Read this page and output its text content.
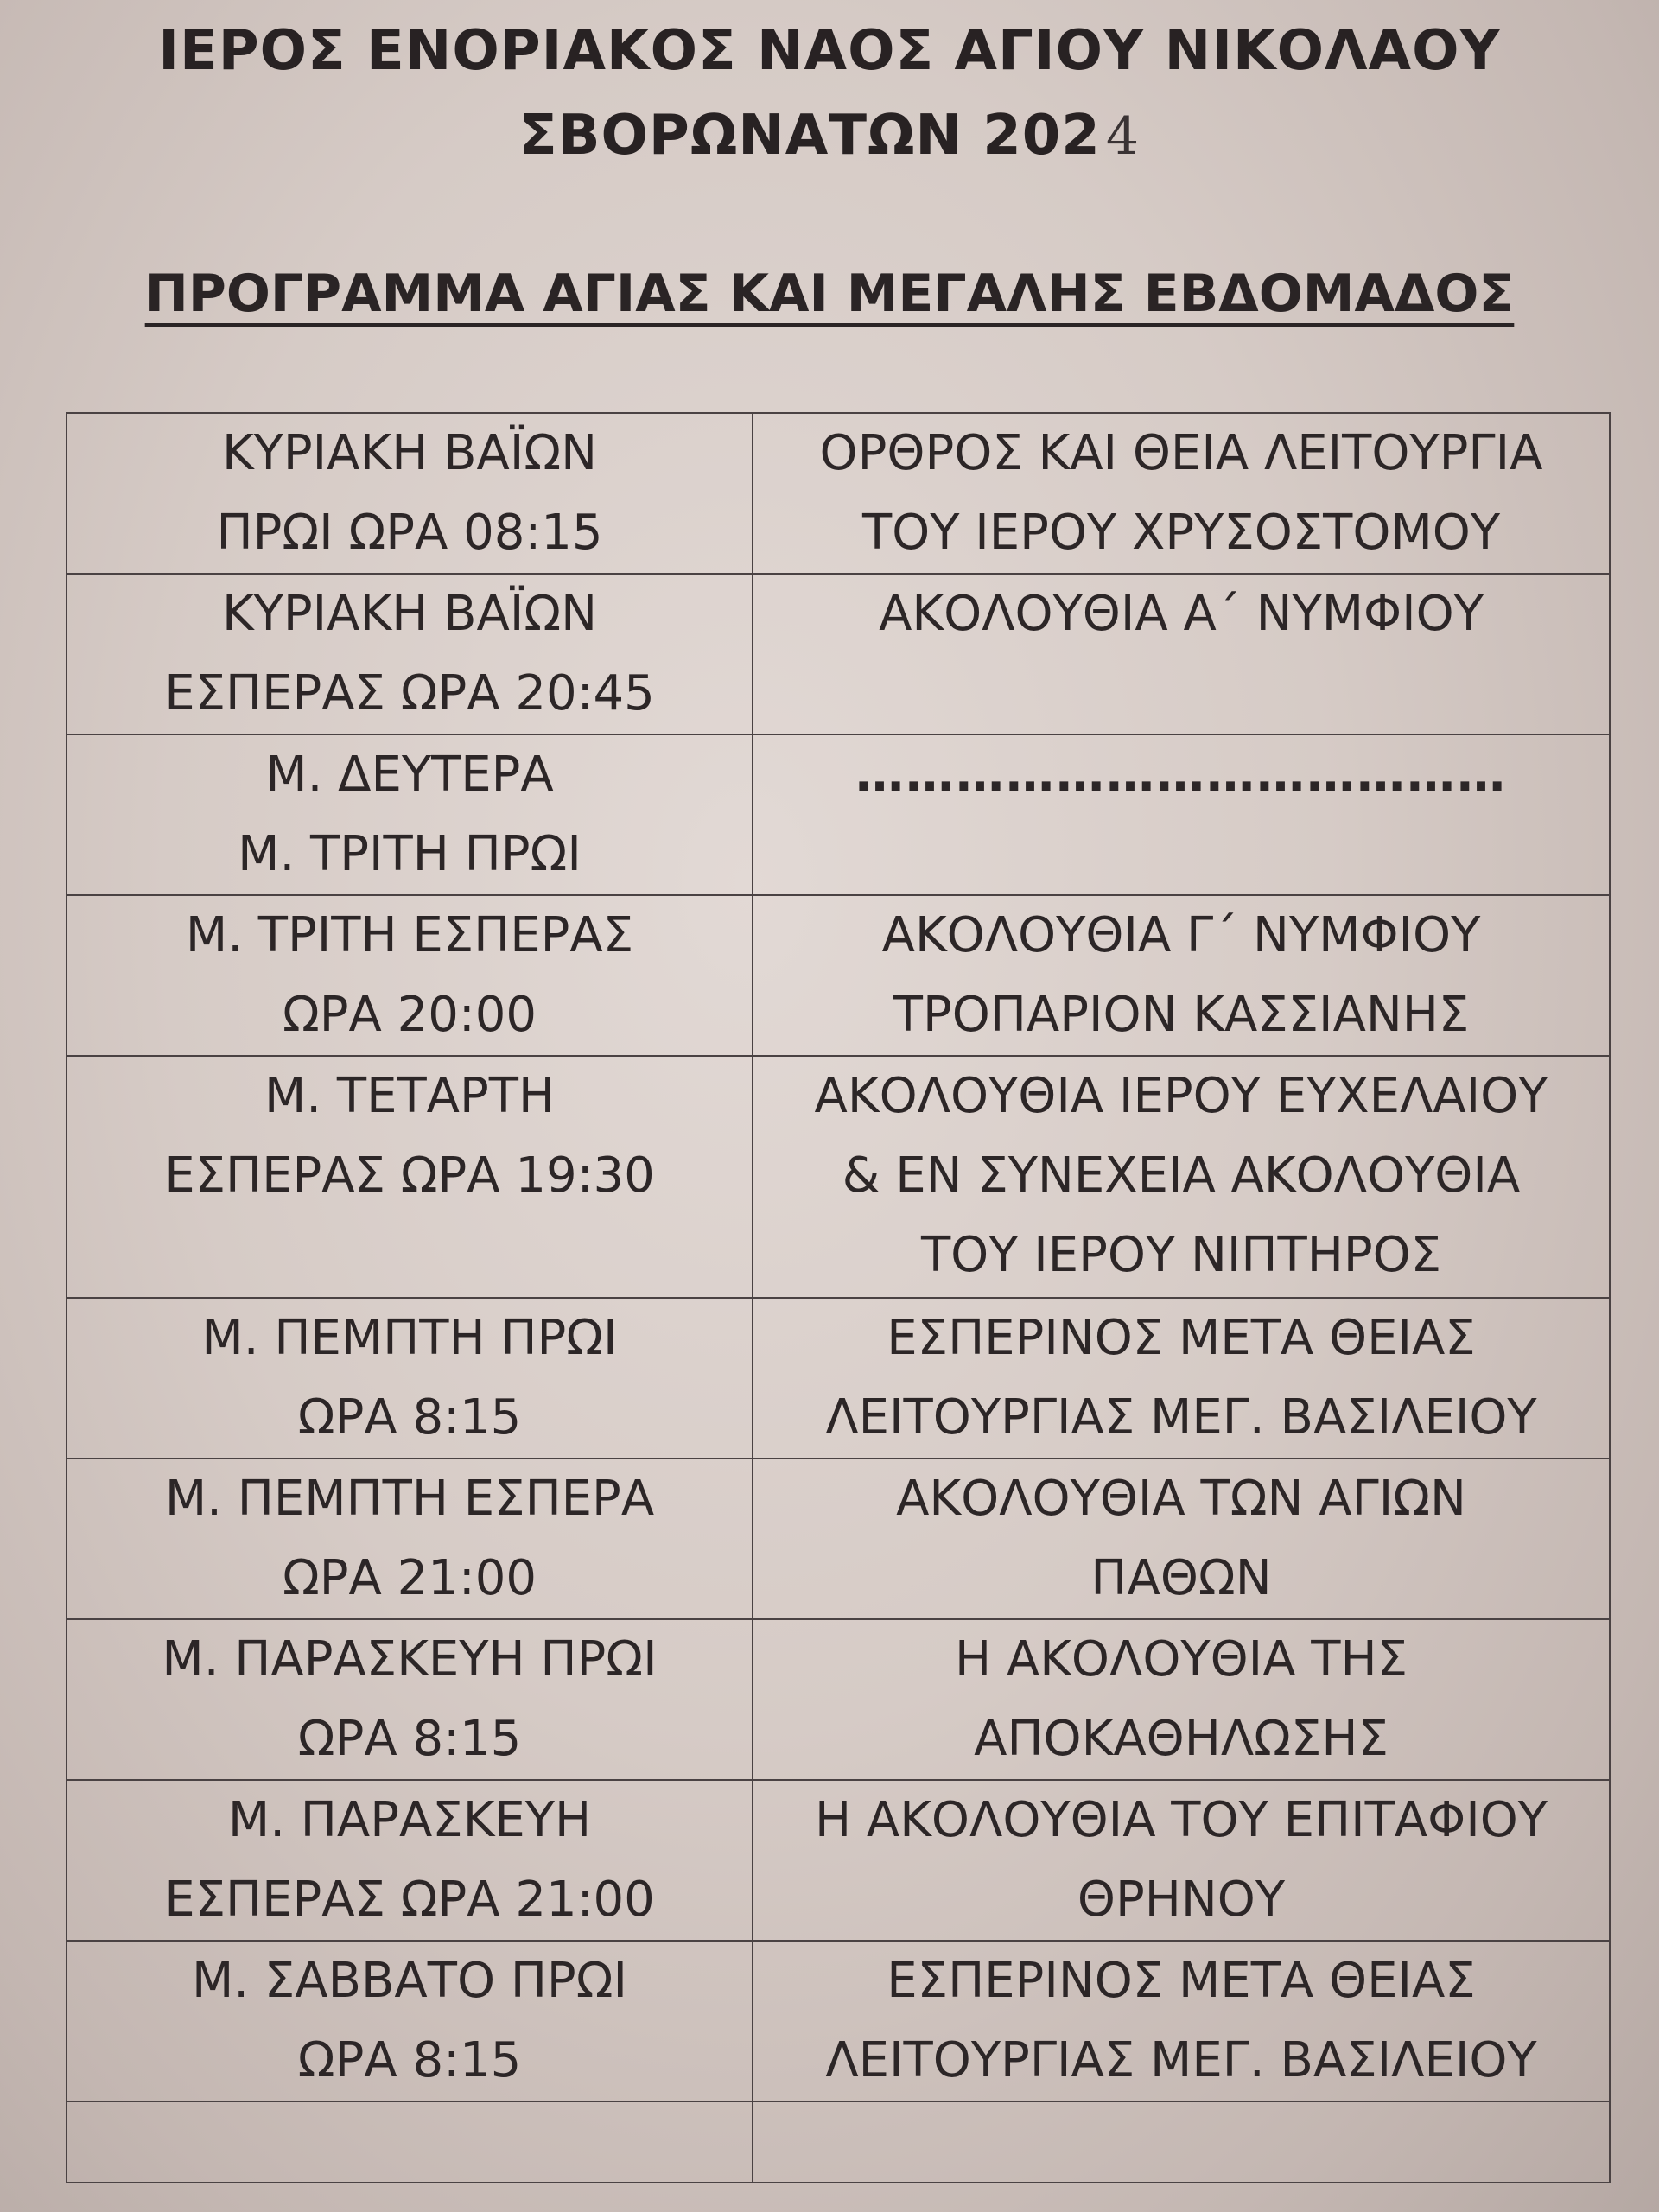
ΙΕΡΟΣ ΕΝΟΡΙΑΚΟΣ ΝΑΟΣ ΑΓΙΟΥ ΝΙΚΟΛΑΟΥ
ΣΒΟΡΩΝΑΤΩΝ 202 4
ΠΡΟΓΡΑΜΜΑ ΑΓΙΑΣ ΚΑΙ ΜΕΓΑΛΗΣ ΕΒΔΟΜΑΔΟΣ
ΚΥΡΙΑΚΗ ΒΑΪΩΝ
ΠΡΩΙ ΩΡΑ 08:15	ΟΡΘΡΟΣ ΚΑΙ ΘΕΙΑ ΛΕΙΤΟΥΡΓΙΑ
ΤΟΥ ΙΕΡΟΥ ΧΡΥΣΟΣΤΟΜΟΥ

ΚΥΡΙΑΚΗ ΒΑΪΩΝ
ΕΣΠΕΡΑΣ ΩΡΑ 20:45	ΑΚΟΛΟΥΘΙΑ Α΄ ΝΥΜΦΙΟΥ

Μ. ΔΕΥΤΕΡΑ
Μ. ΤΡΙΤΗ ΠΡΩΙ	…………………………………

Μ. ΤΡΙΤΗ ΕΣΠΕΡΑΣ
ΩΡΑ 20:00	ΑΚΟΛΟΥΘΙΑ Γ΄ ΝΥΜΦΙΟΥ
ΤΡΟΠΑΡΙΟΝ ΚΑΣΣΙΑΝΗΣ

Μ. ΤΕΤΑΡΤΗ
ΕΣΠΕΡΑΣ ΩΡΑ 19:30	ΑΚΟΛΟΥΘΙΑ ΙΕΡΟΥ ΕΥΧΕΛΑΙΟΥ
& ΕΝ ΣΥΝΕΧΕΙΑ ΑΚΟΛΟΥΘΙΑ
ΤΟΥ ΙΕΡΟΥ ΝΙΠΤΗΡΟΣ

Μ. ΠΕΜΠΤΗ ΠΡΩΙ
ΩΡΑ 8:15	ΕΣΠΕΡΙΝΟΣ ΜΕΤΑ ΘΕΙΑΣ
ΛΕΙΤΟΥΡΓΙΑΣ ΜΕΓ. ΒΑΣΙΛΕΙΟΥ

Μ. ΠΕΜΠΤΗ ΕΣΠΕΡΑ
ΩΡΑ 21:00	ΑΚΟΛΟΥΘΙΑ ΤΩΝ ΑΓΙΩΝ
ΠΑΘΩΝ

Μ. ΠΑΡΑΣΚΕΥΗ ΠΡΩΙ
ΩΡΑ 8:15	Η ΑΚΟΛΟΥΘΙΑ ΤΗΣ
ΑΠΟΚΑΘΗΛΩΣΗΣ

Μ. ΠΑΡΑΣΚΕΥΗ
ΕΣΠΕΡΑΣ ΩΡΑ 21:00	Η ΑΚΟΛΟΥΘΙΑ ΤΟΥ ΕΠΙΤΑΦΙΟΥ
ΘΡΗΝΟΥ

Μ. ΣΑΒΒΑΤΟ ΠΡΩΙ
ΩΡΑ 8:15	ΕΣΠΕΡΙΝΟΣ ΜΕΤΑ ΘΕΙΑΣ
ΛΕΙΤΟΥΡΓΙΑΣ ΜΕΓ. ΒΑΣΙΛΕΙΟΥ
